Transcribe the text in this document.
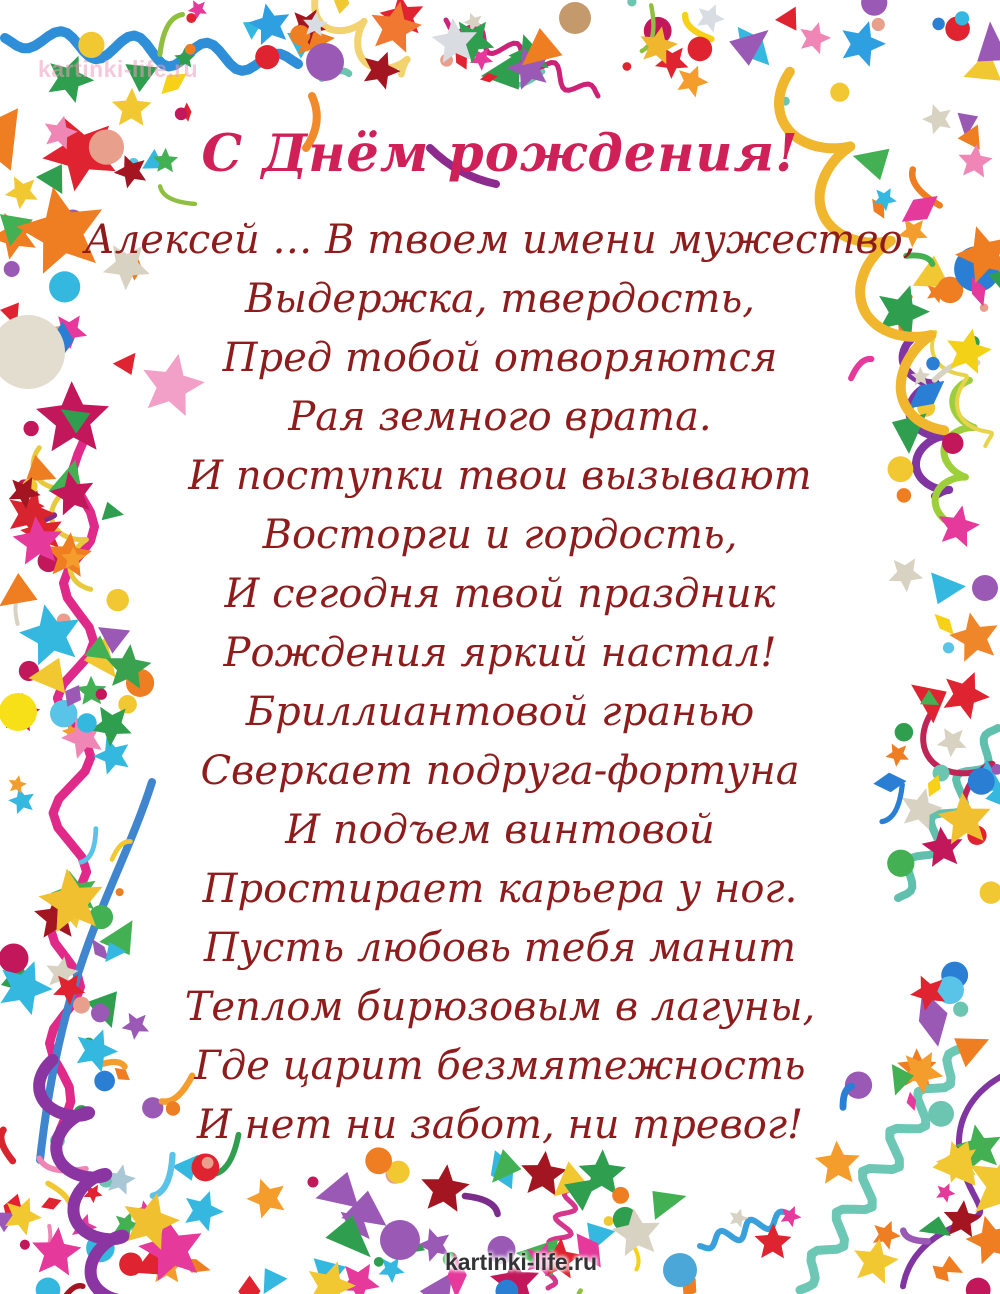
kartinki-life.ru
С Днём рождения!

Алексей … В твоем имени мужество,

Выдержка, твердость,

Пред тобой отворяются

Рая земного врата.

И поступки твои вызывают

Восторги и гордость,

И сегодня твой праздник

Рождения яркий настал!

Бриллиантовой гранью

Сверкает подруга-фортуна

И подъем винтовой

Простирает карьера у ног.

Пусть любовь тебя манит

Теплом бирюзовым в лагуны,

Где царит безмятежность

И нет ни забот, ни тревог!

kartinki-life.ru
